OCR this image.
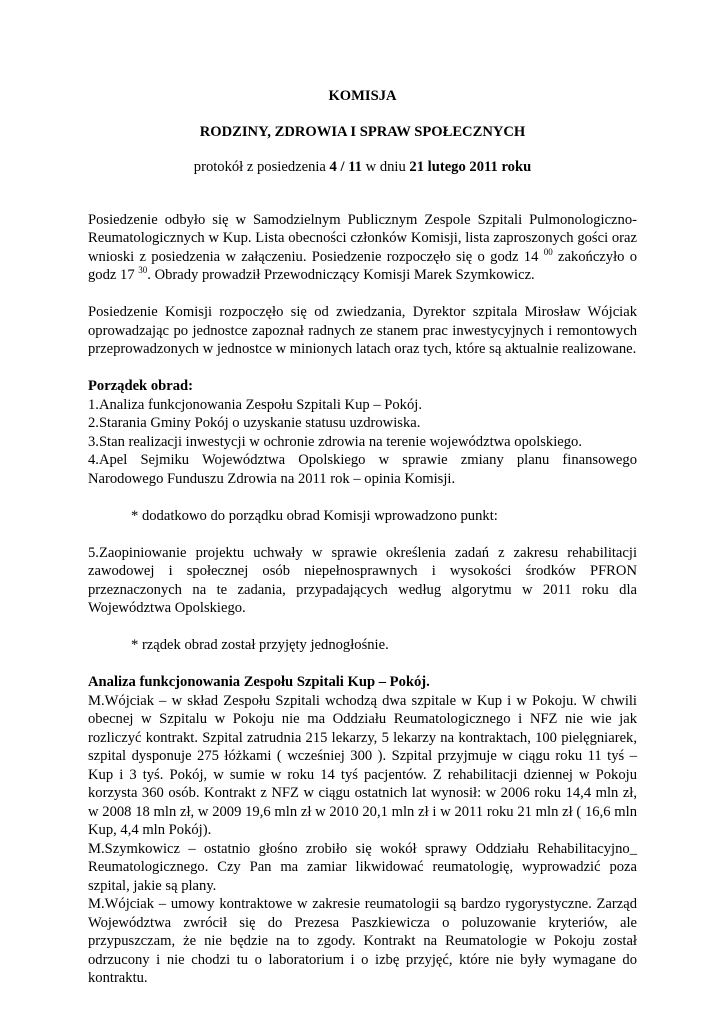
KOMISJA
RODZINY, ZDROWIA I SPRAW SPOŁECZNYCH
protokół z posiedzenia 4 / 11 w dniu 21 lutego 2011 roku
Posiedzenie odbyło się w Samodzielnym Publicznym Zespole Szpitali Pulmonologiczno-Reumatologicznych w Kup. Lista obecności członków Komisji, lista zaproszonych gości oraz wnioski z posiedzenia w załączeniu. Posiedzenie rozpoczęło się o godz 14 $^{00}$ zakończyło o godz 17 $^{30}$. Obrady prowadził Przewodniczący Komisji Marek Szymkowicz.
Posiedzenie Komisji rozpoczęło się od zwiedzania, Dyrektor szpitala Mirosław Wójciak oprowadzając po jednostce zapoznał radnych ze stanem prac inwestycyjnych i remontowych przeprowadzonych w jednostce w minionych latach oraz tych, które są aktualnie realizowane.
Porządek obrad:
1.Analiza funkcjonowania Zespołu Szpitali Kup – Pokój.
2.Starania Gminy Pokój o uzyskanie statusu uzdrowiska.
3.Stan realizacji inwestycji w ochronie zdrowia na terenie województwa opolskiego.
4.Apel Sejmiku Województwa Opolskiego w sprawie zmiany planu finansowego Narodowego Funduszu Zdrowia na 2011 rok – opinia Komisji.
* dodatkowo do porządku obrad Komisji wprowadzono punkt:
5.Zaopiniowanie projektu uchwały w sprawie określenia zadań z zakresu rehabilitacji zawodowej i społecznej osób niepełnosprawnych i wysokości środków PFRON przeznaczonych na te zadania, przypadających według algorytmu w 2011 roku dla Województwa Opolskiego.
* rządek obrad został przyjęty jednogłośnie.
Analiza funkcjonowania Zespołu Szpitali Kup – Pokój.
M.Wójciak – w skład Zespołu Szpitali wchodzą dwa szpitale w Kup i w Pokoju. W chwili obecnej w Szpitalu w Pokoju nie ma Oddziału Reumatologicznego i NFZ nie wie jak rozliczyć kontrakt. Szpital zatrudnia 215 lekarzy, 5 lekarzy na kontraktach, 100 pielęgniarek, szpital dysponuje 275 łóżkami ( wcześniej 300 ). Szpital przyjmuje w ciągu roku 11 tyś – Kup i 3 tyś. Pokój, w sumie w roku 14 tyś pacjentów. Z rehabilitacji dziennej w Pokoju korzysta 360 osób. Kontrakt z NFZ w ciągu ostatnich lat wynosił: w 2006 roku 14,4 mln zł, w 2008 18 mln zł, w 2009 19,6 mln zł w 2010 20,1 mln zł i w 2011 roku 21 mln zł ( 16,6 mln Kup, 4,4 mln Pokój).
M.Szymkowicz – ostatnio głośno zrobiło się wokół sprawy Oddziału Rehabilitacyjno_ Reumatologicznego. Czy Pan ma zamiar likwidować reumatologię, wyprowadzić poza szpital, jakie są plany.
M.Wójciak – umowy kontraktowe w zakresie reumatologii są bardzo rygorystyczne. Zarząd Województwa zwrócił się do Prezesa Paszkiewicza o poluzowanie kryteriów, ale przypuszczam, że nie będzie na to zgody. Kontrakt na Reumatologie w Pokoju został odrzucony i nie chodzi tu o laboratorium i o izbę przyjęć, które nie były wymagane do kontraktu.
